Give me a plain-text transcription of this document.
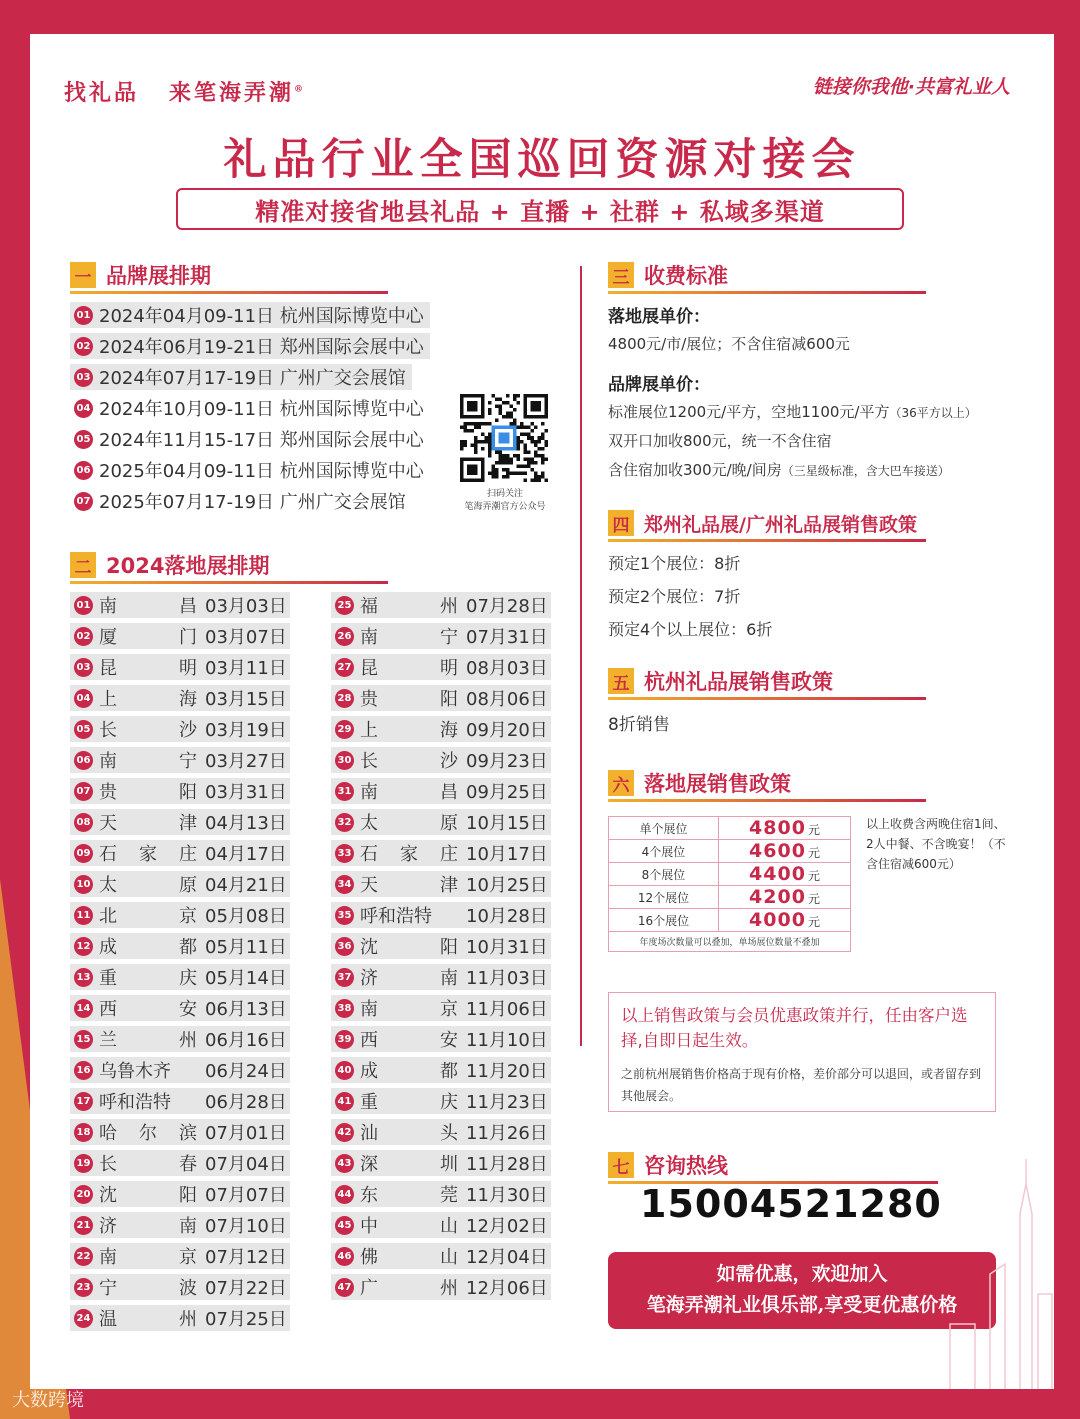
找礼品 来笔海弄潮®	链接你我他·共富礼业人
礼品行业全国巡回资源对接会
精准对接省地县礼品 + 直播 + 社群 + 私域多渠道
一 品牌展排期
01 2024年04月09-11日 杭州国际博览中心
02 2024年06月19-21日 郑州国际会展中心
03 2024年07月17-19日 广州广交会展馆
04 2024年10月09-11日 杭州国际博览中心
05 2024年11月15-17日 郑州国际会展中心
06 2025年04月09-11日 杭州国际博览中心
07 2025年07月17-19日 广州广交会展馆	扫码关注
笔海弄潮官方公众号
二 2024落地展排期
01 南	昌 03月03日
02 厦	门 03月07日
03 昆	明 03月11日
04 上	海 03月15日
05 长	沙 03月19日
06 南	宁 03月27日
07 贵	阳 03月31日
08 天	津 04月13日
09 石 家 庄 04月17日
10 太	原 04月21日
11 北	京 05月08日
12 成	都 05月11日
13 重	庆 05月14日
14 西	安 06月13日
15 兰	州 06月16日
16 乌鲁木齐	06月24日
17 呼和浩特	06月28日
18 哈 尔 滨 07月01日
19 长	春 07月04日
20 沈	阳 07月07日
21 济	南 07月10日
22 南	京 07月12日
23 宁	波 07月22日
24 温	州 07月25日
25 福	州 07月28日
26 南	宁 07月31日
27 昆	明 08月03日
28 贵	阳 08月06日
29 上	海 09月20日
30 长	沙 09月23日
31 南	昌 09月25日
32 太	原 10月15日
33 石 家 庄 10月17日
34 天	津 10月25日
35 呼和浩特	10月28日
36 沈	阳 10月31日
37 济	南 11月03日
38 南	京 11月06日
39 西	安 11月10日
40 成	都 11月20日
41 重	庆 11月23日
42 汕	头 11月26日
43 深	圳 11月28日
44 东	莞 11月30日
45 中	山 12月02日
46 佛	山 12月04日
47 广	州 12月06日
三 收费标准
落地展单价：
4800元/市/展位；不含住宿减600元
品牌展单价：
标准展位1200元/平方，空地1100元/平方（36平方以上）
双开口加收800元，统一不含住宿
含住宿加收300元/晚/间房（三星级标准，含大巴车接送）
四 郑州礼品展/广州礼品展销售政策
预定1个展位：8折
预定2个展位：7折
预定4个以上展位：6折
五 杭州礼品展销售政策
8折销售
六 落地展销售政策
单个展位	4800 元
4个展位	4600 元
8个展位	4400 元
12个展位	4200 元
16个展位	4000 元
年度场次数量可以叠加，单场展位数量不叠加	
以上收费含两晚住宿1间、2人中餐、不含晚宴！（不含住宿减600元）
以上销售政策与会员优惠政策并行，任由客户选择,自即日起生效。
之前杭州展销售价格高于现有价格，差价部分可以退回，或者留存到其他展会。
七 咨询热线
15004521280
如需优惠，欢迎加入
笔海弄潮礼业俱乐部,享受更优惠价格
大数跨境
